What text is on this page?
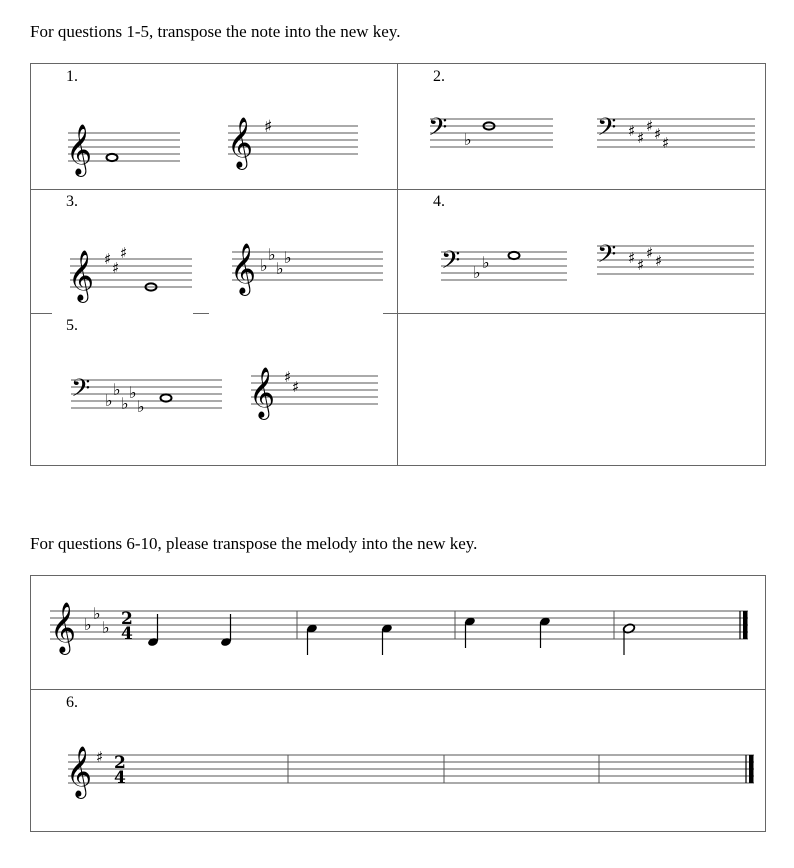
For questions 1-5, transpose the note into the new key.
For questions 6-10, please transpose the melody into the new key.
1.	2.
3.	4.
5.
6.
𝄞	𝄞 ♯	𝄢 ♭	𝄢 ♯ ♯
♯ ♯ ♯
𝄞 ♯ ♯
♯ 𝄞 ♭
♭
♭
♭	𝄢 ♭
♭	𝄢 ♯ ♯
♯ ♯
𝄢 ♭
♭
♭
♭
♭ 𝄞 ♯
♯
𝄞 ♭
♭
♭ 2
4
𝄞 ♯ 2
4
